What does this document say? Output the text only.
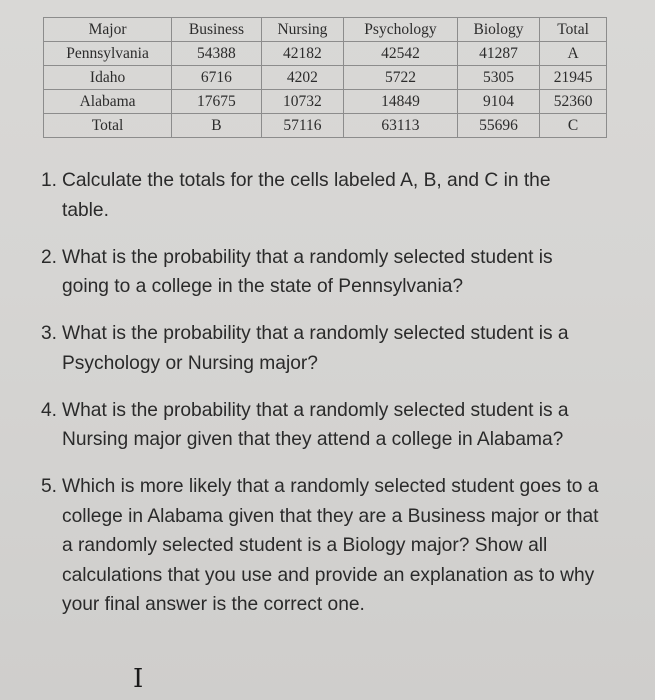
Major	Business	Nursing	Psychology	Biology	Total
Pennsylvania	54388	42182	42542	41287	A
Idaho	6716	4202	5722	5305	21945
Alabama	17675	10732	14849	9104	52360
Total	B	57116	63113	55696	C
1. Calculate the totals for the cells labeled A, B, and C in the table.
2. What is the probability that a randomly selected student is going to a college in the state of Pennsylvania?
3. What is the probability that a randomly selected student is a Psychology or Nursing major?
4. What is the probability that a randomly selected student is a Nursing major given that they attend a college in Alabama?
5. Which is more likely that a randomly selected student goes to a college in Alabama given that they are a Business major or that a randomly selected student is a Biology major? Show all calculations that you use and provide an explanation as to why your final answer is the correct one.
I
